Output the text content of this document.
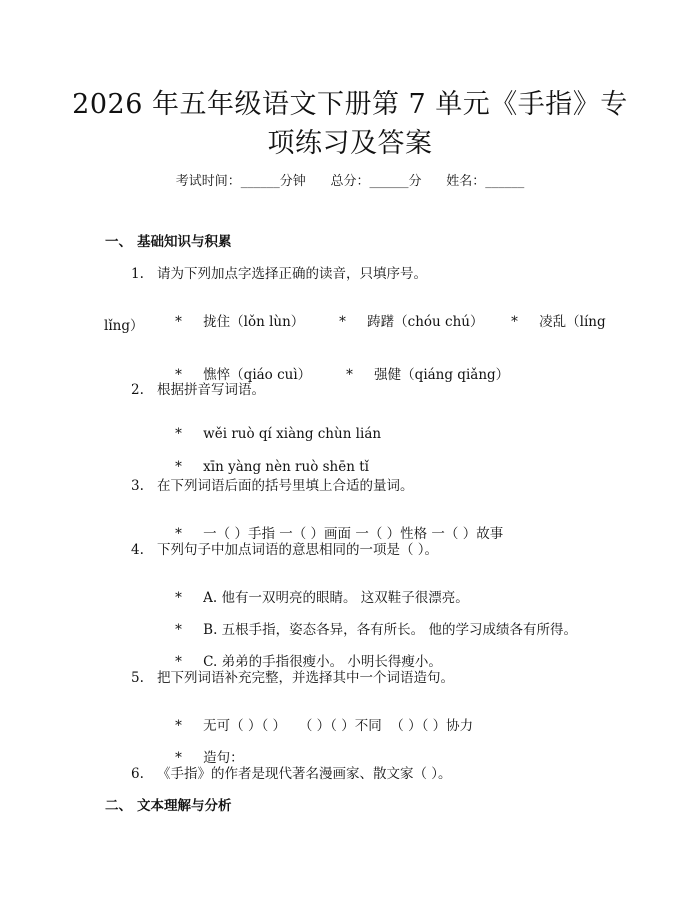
2026 年五年级语文下册第 7 单元《手指》专
项练习及答案
考试时间：______分钟      总分：______分      姓名：______
一、 基础知识与积累
1. 请为下列加点字选择正确的读音，只填序号。

* 拢住（lǒn lùn）
	* 踌躇（chóu chú）
	* 凌乱（líng

lǐng）

* 憔悴（qiáo cuì）
	* 强健（qiáng qiǎng）

2. 根据拼音写词语。

* wěi ruò qí xiàng chùn lián

* xīn yàng nèn ruò shēn tǐ

3. 在下列词语后面的括号里填上合适的量词。

* 一（ ）手指 一（ ）画面 一（ ）性格 一（ ）故事

4. 下列句子中加点词语的意思相同的一项是（ ）。

* A. 他有一双明亮的眼睛。 这双鞋子很漂亮。

* B. 五根手指，姿态各异，各有所长。 他的学习成绩各有所得。

* C. 弟弟的手指很瘦小。 小明长得瘦小。

5. 把下列词语补充完整，并选择其中一个词语造句。

* 无可（ ）（ ）   （ ）（ ）不同  （ ）（ ）协力

* 造句：

6. 《手指》的作者是现代著名漫画家、散文家（ ）。
二、 文本理解与分析
